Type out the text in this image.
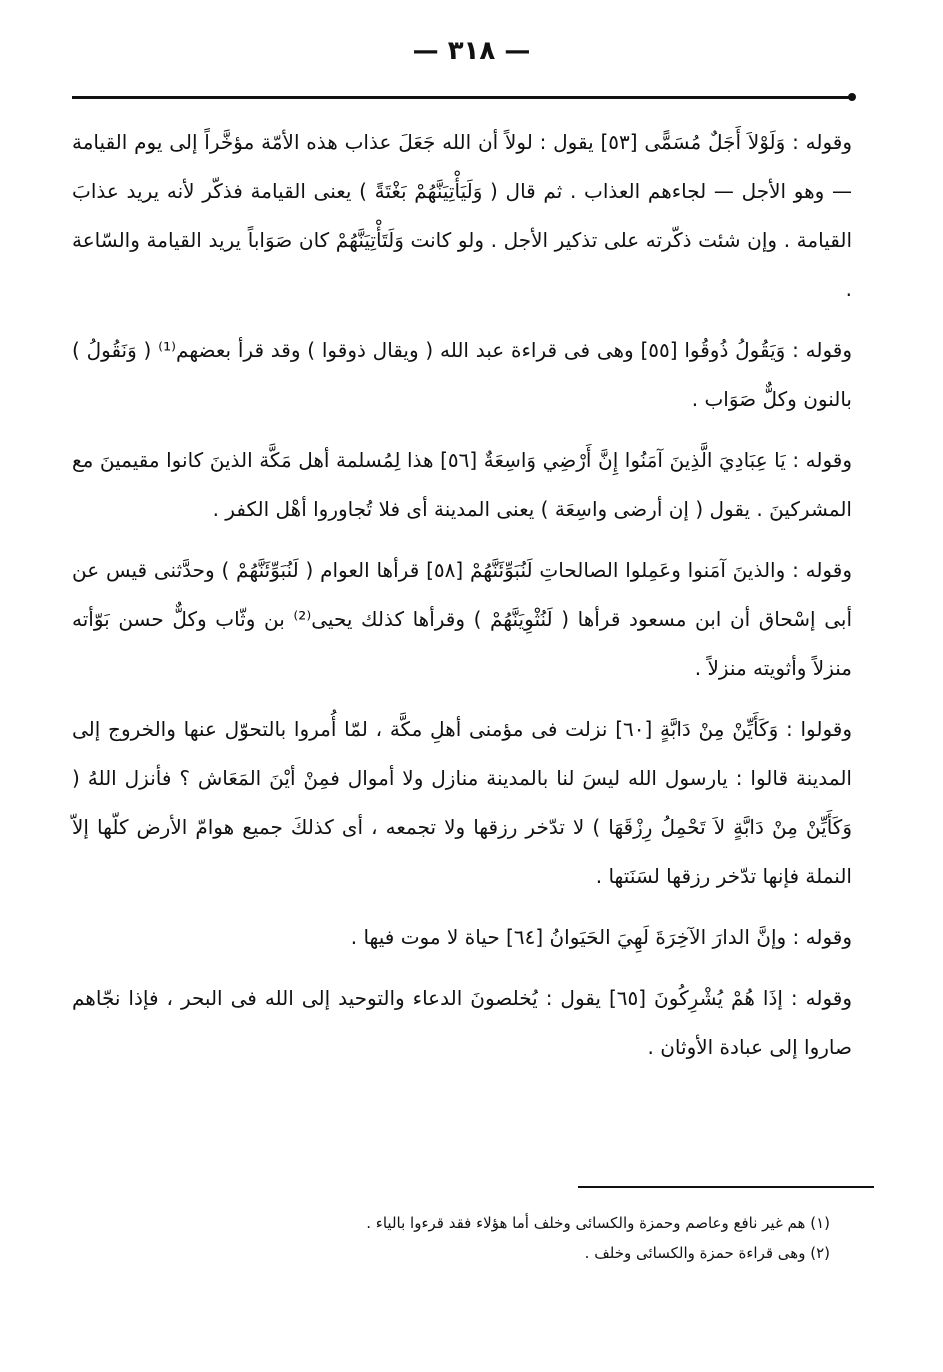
— ٣١٨ —

وقوله : وَلَوْلاَ أَجَلٌ مُسَمًّى [٥٣] يقول : لولاً أن الله جَعَلَ عذاب هذه الأمّة مؤخَّراً إلى يوم القيامة — وهو الأجل — لجاءهم العذاب . ثم قال ( وَلَيَأْتِيَنَّهُمْ بَغْتَةً ) يعنى القيامة فذكّر لأنه يريد عذابَ القيامة . وإن شئت ذكّرته على تذكير الأجل . ولو كانت وَلَتَأْتِيَنَّهُمْ كان صَوَاباً يريد القيامة والسّاعة .

وقوله : وَيَقُولُ ذُوقُوا [٥٥] وهى فى قراءة عبد الله ( ويقال ذوقوا ) وقد قرأ بعضهم⁽¹⁾ ( وَنَقُولُ ) بالنون وكلٌّ صَوَاب .

وقوله : يَا عِبَادِيَ الَّذِينَ آمَنُوا إِنَّ أَرْضِي وَاسِعَةٌ [٥٦] هذا لِمُسلمة أهل مَكَّة الذينَ كانوا مقيمينَ مع المشركينَ . يقول ( إن أرضى واسِعَة ) يعنى المدينة أى فلا تُجاوروا أهْل الكفر .

وقوله : والذينَ آمَنوا وعَمِلوا الصالحاتِ لَنُبَوِّئَنَّهُمْ [٥٨] قرأها العوام ( لَنُبَوِّئَنَّهُمْ ) وحدَّثنى قيس عن أبى إسْحاق أن ابن مسعود قرأها ( لَنُثْوِيَنَّهُمْ ) وقرأها كذلك يحيى⁽²⁾ بن وثّاب وكلٌّ حسن بَوّأته منزلاً وأثويته منزلاً .

وقولوا : وَكَأَيِّنْ مِنْ دَابَّةٍ [٦٠] نزلت فى مؤمنى أهلِ مكَّة ، لمّا أُمروا بالتحوّل عنها والخروج إلى المدينة قالوا : يارسول الله ليسَ لنا بالمدينة منازل ولا أموال فمِنْ أيْنَ المَعَاش ؟ فأنزل اللهُ ( وَكَأَيِّنْ مِنْ دَابَّةٍ لاَ تَحْمِلُ رِزْقَهَا ) لا تدّخر رزقها ولا تجمعه ، أى كذلكَ جميع هوامّ الأرض كلّها إلاّ النملة فإنها تدّخر رزقها لسَنَتها .

وقوله : وإنَّ الدارَ الآخِرَةَ لَهِيَ الحَيَوانُ [٦٤] حياة لا موت فيها .

وقوله : إذَا هُمْ يُشْرِكُونَ [٦٥] يقول : يُخلصونَ الدعاء والتوحيد إلى الله فى البحر ، فإذا نجّاهم صاروا إلى عبادة الأوثان .

(١) هم غير نافع وعاصم وحمزة والكسائى وخلف أما هؤلاء فقد قرءوا بالياء .

(٢) وهى قراءة حمزة والكسائى وخلف .
